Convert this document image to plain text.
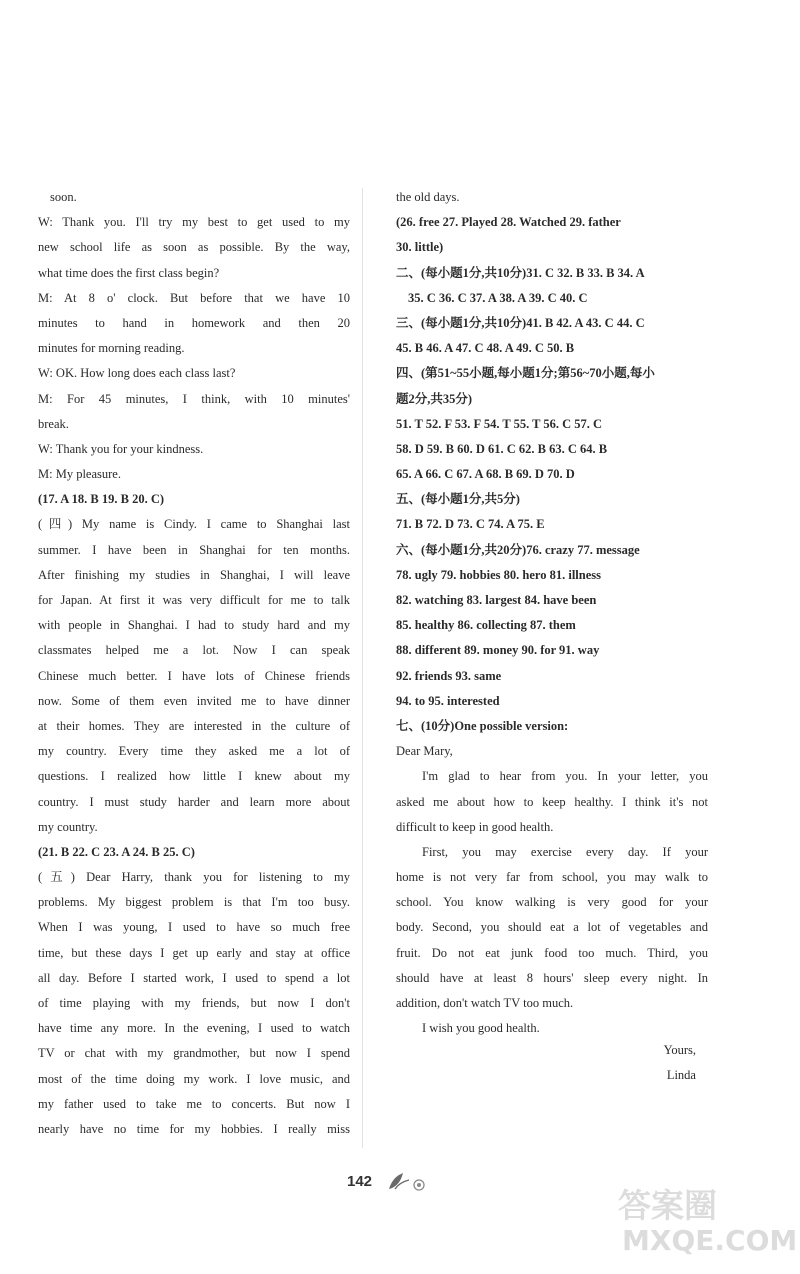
soon.
W: Thank you. I'll try my best to get used to my
new school life as soon as possible. By the way,
what time does the first class begin?
M: At 8 o' clock. But before that we have 10
minutes to hand in homework and then 20
minutes for morning reading.
W: OK. How long does each class last?
M: For 45 minutes, I think, with 10 minutes'
break.
W: Thank you for your kindness.
M: My pleasure.
(17. A 18. B 19. B 20. C)
(四) My name is Cindy. I came to Shanghai last
summer. I have been in Shanghai for ten months.
After finishing my studies in Shanghai, I will leave
for Japan. At first it was very difficult for me to talk
with people in Shanghai. I had to study hard and my
classmates helped me a lot. Now I can speak
Chinese much better. I have lots of Chinese friends
now. Some of them even invited me to have dinner
at their homes. They are interested in the culture of
my country. Every time they asked me a lot of
questions. I realized how little I knew about my
country. I must study harder and learn more about
my country.
(21. B 22. C 23. A 24. B 25. C)
(五) Dear Harry, thank you for listening to my
problems. My biggest problem is that I'm too busy.
When I was young, I used to have so much free
time, but these days I get up early and stay at office
all day. Before I started work, I used to spend a lot
of time playing with my friends, but now I don't
have time any more. In the evening, I used to watch
TV or chat with my grandmother, but now I spend
most of the time doing my work. I love music, and
my father used to take me to concerts. But now I
nearly have no time for my hobbies. I really miss
the old days.
(26. free 27. Played 28. Watched 29. father
30. little)
二、(每小题1分,共10分)31. C 32. B 33. B 34. A
35. C 36. C 37. A 38. A 39. C 40. C
三、(每小题1分,共10分)41. B 42. A 43. C 44. C
45. B 46. A 47. C 48. A 49. C 50. B
四、(第51~55小题,每小题1分;第56~70小题,每小
题2分,共35分)
51. T 52. F 53. F 54. T 55. T 56. C 57. C
58. D 59. B 60. D 61. C 62. B 63. C 64. B
65. A 66. C 67. A 68. B 69. D 70. D
五、(每小题1分,共5分)
71. B 72. D 73. C 74. A 75. E
六、(每小题1分,共20分)76. crazy 77. message
78. ugly 79. hobbies 80. hero 81. illness
82. watching 83. largest 84. have been
85. healthy 86. collecting 87. them
88. different 89. money 90. for 91. way
92. friends 93. same
94. to 95. interested
七、(10分)One possible version:
Dear Mary,
I'm glad to hear from you. In your letter, you
asked me about how to keep healthy. I think it's not
difficult to keep in good health.
First, you may exercise every day. If your
home is not very far from school, you may walk to
school. You know walking is very good for your
body. Second, you should eat a lot of vegetables and
fruit. Do not eat junk food too much. Third, you
should have at least 8 hours' sleep every night. In
addition, don't watch TV too much.
I wish you good health.
Yours,
Linda
142
答案圈
MXQE.COM
